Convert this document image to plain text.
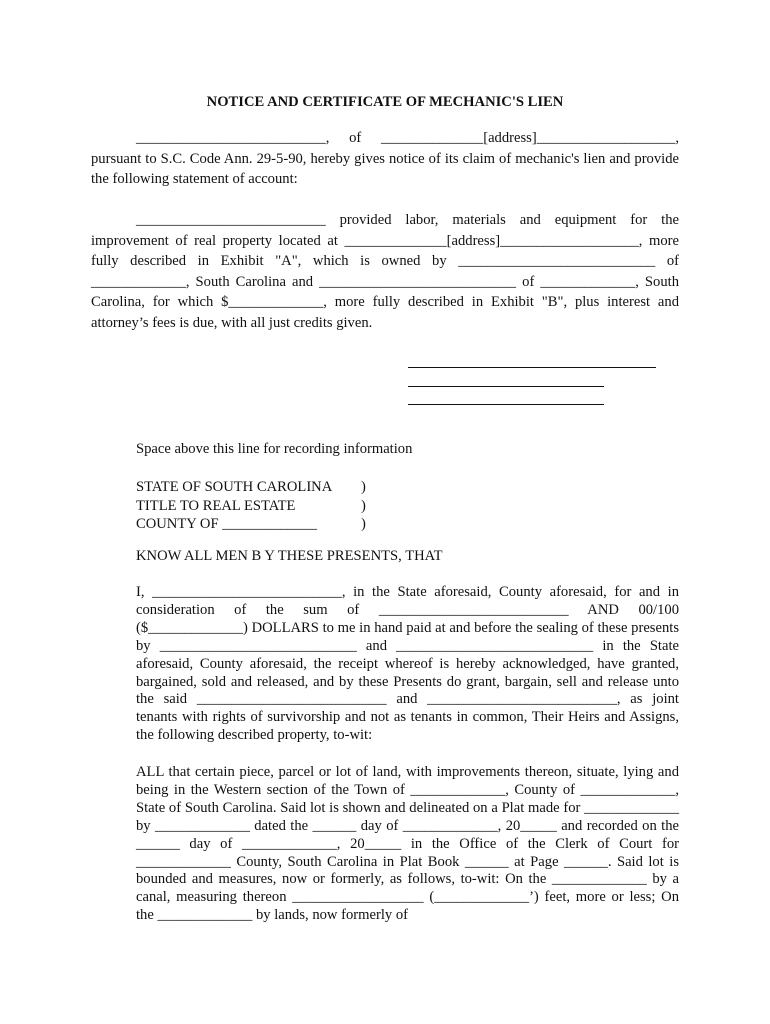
NOTICE AND CERTIFICATE OF MECHANIC'S LIEN
__________________________, of ______________[address]___________________, pursuant to S.C. Code Ann. 29-5-90, hereby gives notice of its claim of mechanic's lien and provide the following statement of account:
__________________________ provided labor, materials and equipment for the improvement of real property located at ______________[address]___________________, more fully described in Exhibit "A", which is owned by ___________________________ of _____________, South Carolina and ___________________________ of _____________, South Carolina, for which $_____________, more fully described in Exhibit "B", plus interest and attorney’s fees is due, with all just credits given.
Space above this line for recording information
STATE OF SOUTH CAROLINA	)
TITLE TO REAL ESTATE	)
COUNTY OF _____________	)
KNOW ALL MEN B Y THESE PRESENTS, THAT
I, __________________________, in the State aforesaid, County aforesaid, for and in consideration of the sum of __________________________ AND 00/100 ($_____________) DOLLARS to me in hand paid at and before the sealing of these presents by ___________________________ and ___________________________ in the State aforesaid, County aforesaid, the receipt whereof is hereby acknowledged, have granted, bargained, sold and released, and by these Presents do grant, bargain, sell and release unto the said __________________________ and __________________________, as joint tenants with rights of survivorship and not as tenants in common, Their Heirs and Assigns, the following described property, to-wit:
ALL that certain piece, parcel or lot of land, with improvements thereon, situate, lying and being in the Western section of the Town of _____________, County of _____________, State of South Carolina. Said lot is shown and delineated on a Plat made for _____________ by _____________ dated the ______ day of _____________, 20_____ and recorded on the ______ day of _____________, 20_____ in the Office of the Clerk of Court for _____________ County, South Carolina in Plat Book ______ at Page ______. Said lot is bounded and measures, now or formerly, as follows, to-wit: On the _____________ by a canal, measuring thereon __________________ (_____________’) feet, more or less; On the _____________ by lands, now formerly of
